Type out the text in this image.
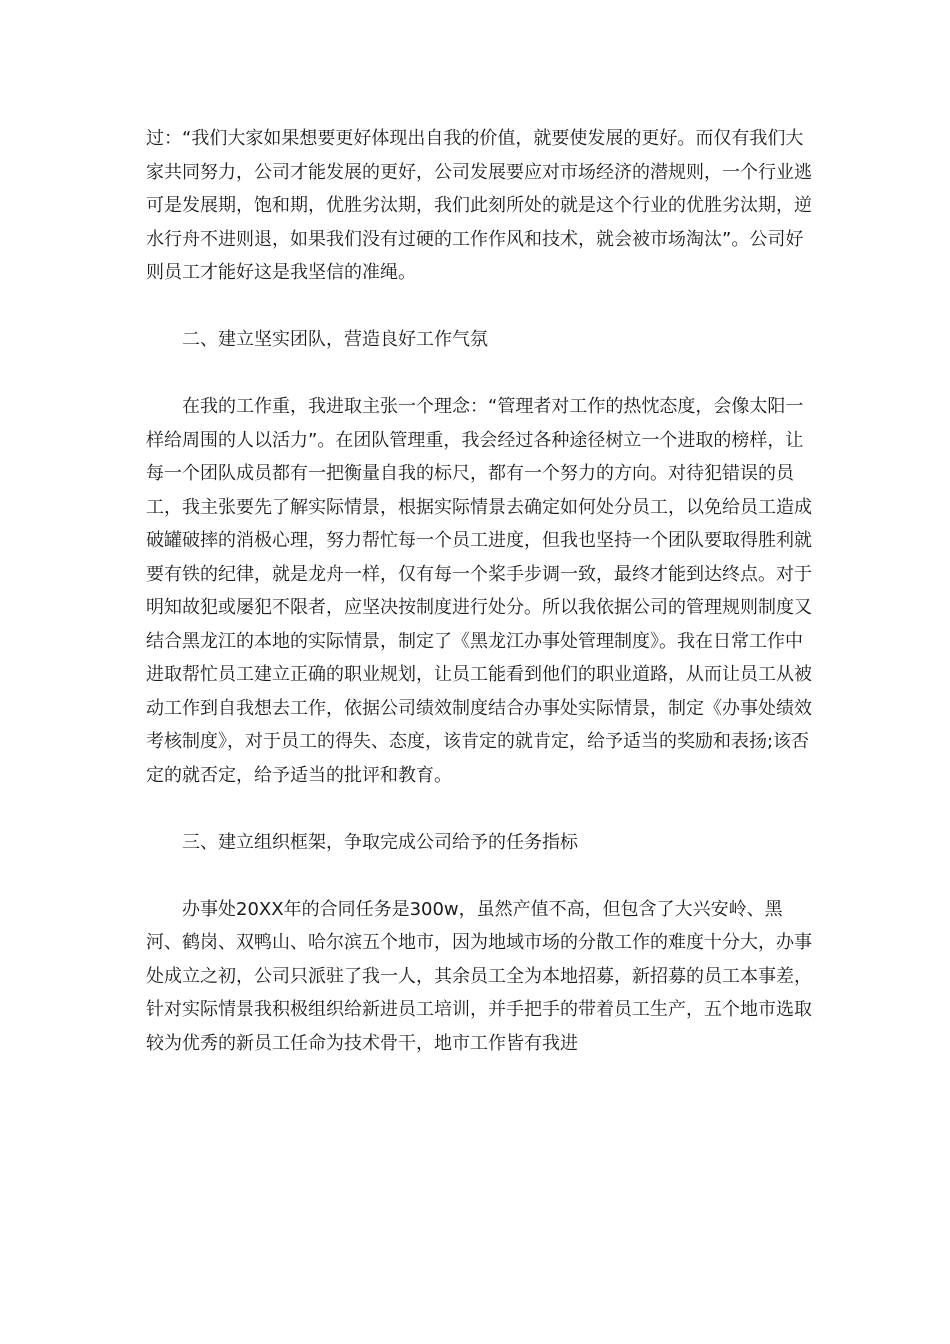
过：“我们大家如果想要更好体现出自我的价值，就要使发展的更好。而仅有我们大家共同努力，公司才能发展的更好，公司发展要应对市场经济的潜规则，一个行业逃可是发展期，饱和期，优胜劣汰期，我们此刻所处的就是这个行业的优胜劣汰期，逆水行舟不进则退，如果我们没有过硬的工作作风和技术，就会被市场淘汰”。公司好则员工才能好这是我坚信的准绳。

二、建立坚实团队，营造良好工作气氛

在我的工作重，我进取主张一个理念：“管理者对工作的热忱态度，会像太阳一样给周围的人以活力”。在团队管理重，我会经过各种途径树立一个进取的榜样，让每一个团队成员都有一把衡量自我的标尺，都有一个努力的方向。对待犯错误的员工，我主张要先了解实际情景，根据实际情景去确定如何处分员工，以免给员工造成破罐破摔的消极心理，努力帮忙每一个员工进度，但我也坚持一个团队要取得胜利就要有铁的纪律，就是龙舟一样，仅有每一个桨手步调一致，最终才能到达终点。对于明知故犯或屡犯不限者，应坚决按制度进行处分。所以我依据公司的管理规则制度又结合黑龙江的本地的实际情景，制定了《黑龙江办事处管理制度》。我在日常工作中进取帮忙员工建立正确的职业规划，让员工能看到他们的职业道路，从而让员工从被动工作到自我想去工作，依据公司绩效制度结合办事处实际情景，制定《办事处绩效考核制度》，对于员工的得失、态度，该肯定的就肯定，给予适当的奖励和表扬;该否定的就否定，给予适当的批评和教育。

三、建立组织框架，争取完成公司给予的任务指标

办事处20XX年的合同任务是300w，虽然产值不高，但包含了大兴安岭、黑河、鹤岗、双鸭山、哈尔滨五个地市，因为地域市场的分散工作的难度十分大，办事处成立之初，公司只派驻了我一人，其余员工全为本地招募，新招募的员工本事差，针对实际情景我积极组织给新进员工培训，并手把手的带着员工生产，五个地市选取较为优秀的新员工任命为技术骨干，地市工作皆有我进
